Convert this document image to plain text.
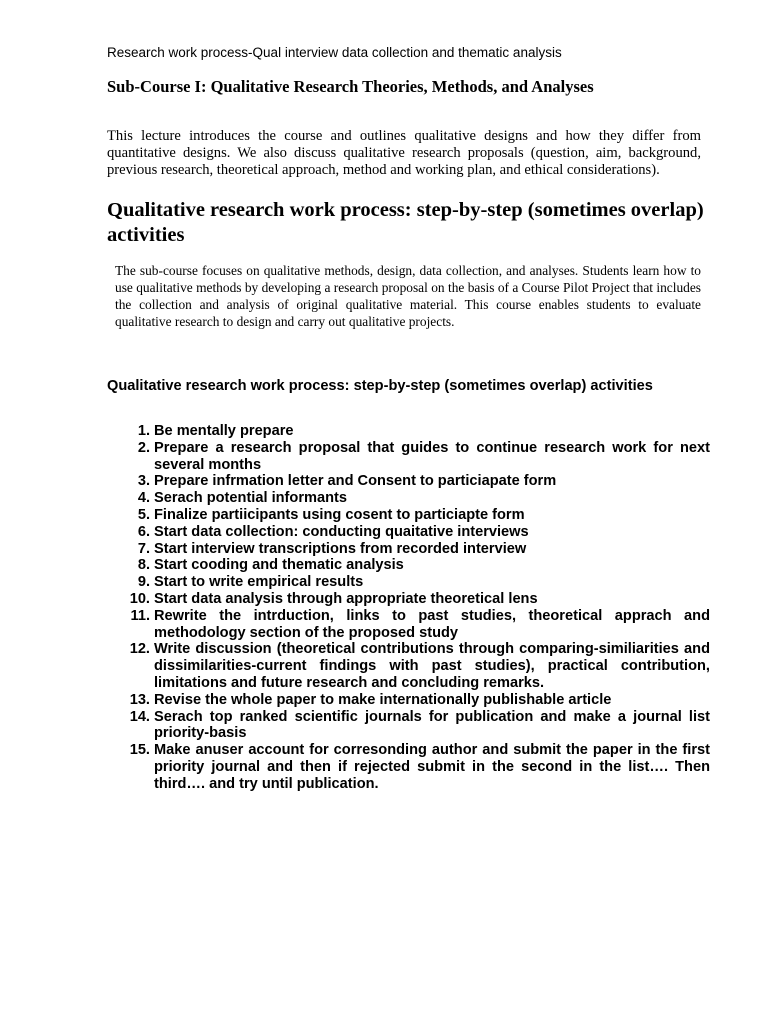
Research work process-Qual interview data collection and thematic analysis
Sub-Course I: Qualitative Research Theories, Methods, and Analyses

This lecture introduces the course and outlines qualitative designs and how they differ from quantitative designs. We also discuss qualitative research proposals (question, aim, background, previous research, theoretical approach, method and working plan, and ethical considerations).

Qualitative research work process: step-by-step (sometimes overlap) activities

The sub-course focuses on qualitative methods, design, data collection, and analyses. Students learn how to use qualitative methods by developing a research proposal on the basis of a Course Pilot Project that includes the collection and analysis of original qualitative material. This course enables students to evaluate qualitative research to design and carry out qualitative projects.

Qualitative research work process: step-by-step (sometimes overlap) activities
1. Be mentally prepare
2. Prepare a research proposal that guides to continue research work for next several months
3. Prepare infrmation letter and Consent to particiapate form
4. Serach potential informants
5. Finalize partiicipants using cosent to particiapte form
6. Start data collection: conducting quaitative interviews
7. Start interview transcriptions from recorded interview
8. Start cooding and thematic analysis
9. Start to write empirical results
10. Start data analysis through appropriate theoretical lens
11. Rewrite the intrduction, links to past studies, theoretical apprach and methodology section of the proposed study
12. Write discussion (theoretical contributions through comparing-similiarities and dissimilarities-current findings with past studies), practical contribution, limitations and future research and concluding remarks.
13. Revise the whole paper to make internationally publishable article
14. Serach top ranked scientific journals for publication and make a journal list priority-basis
15. Make anuser account for corresonding author and submit the paper in the first priority journal and then if rejected submit in the second in the list…. Then third…. and try until publication.
